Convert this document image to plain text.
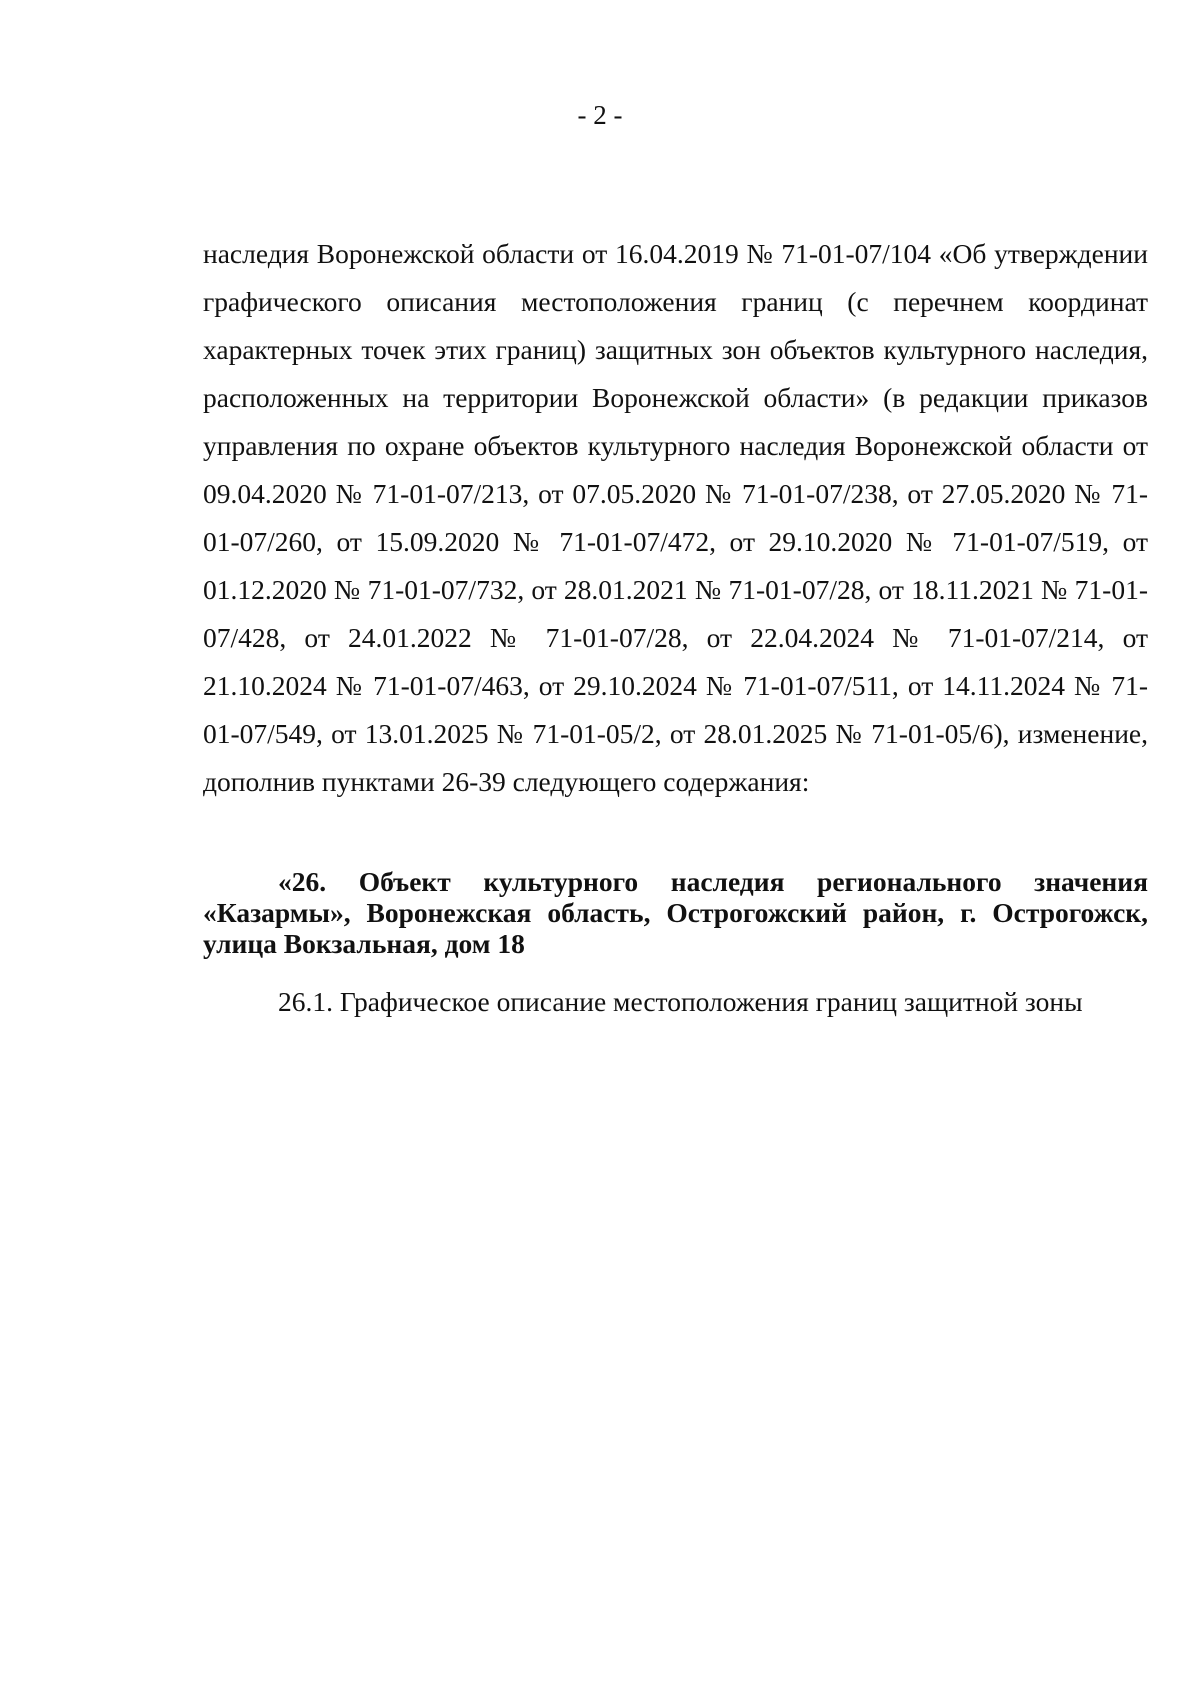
- 2 -

наследия Воронежской области от 16.04.2019 № 71-01-07/104 «Об утверждении графического описания местоположения границ (с перечнем координат характерных точек этих границ) защитных зон объектов культурного наследия, расположенных на территории Воронежской области» (в редакции приказов управления по охране объектов культурного наследия Воронежской области от 09.04.2020 № 71-01-07/213, от 07.05.2020 № 71-01-07/238, от 27.05.2020 № 71-01-07/260, от 15.09.2020 № 71-01-07/472, от 29.10.2020 № 71-01-07/519, от 01.12.2020 № 71-01-07/732, от 28.01.2021 № 71-01-07/28, от 18.11.2021 № 71-01-07/428, от 24.01.2022 № 71-01-07/28, от 22.04.2024 № 71-01-07/214, от 21.10.2024 № 71-01-07/463, от 29.10.2024 № 71-01-07/511, от 14.11.2024 № 71-01-07/549, от 13.01.2025 № 71-01-05/2, от 28.01.2025 № 71-01-05/6), изменение, дополнив пунктами 26-39 следующего содержания:

«26. Объект культурного наследия регионального значения «Казармы», Воронежская область, Острогожский район, г. Острогожск, улица Вокзальная, дом 18
26.1. Графическое описание местоположения границ защитной зоны
